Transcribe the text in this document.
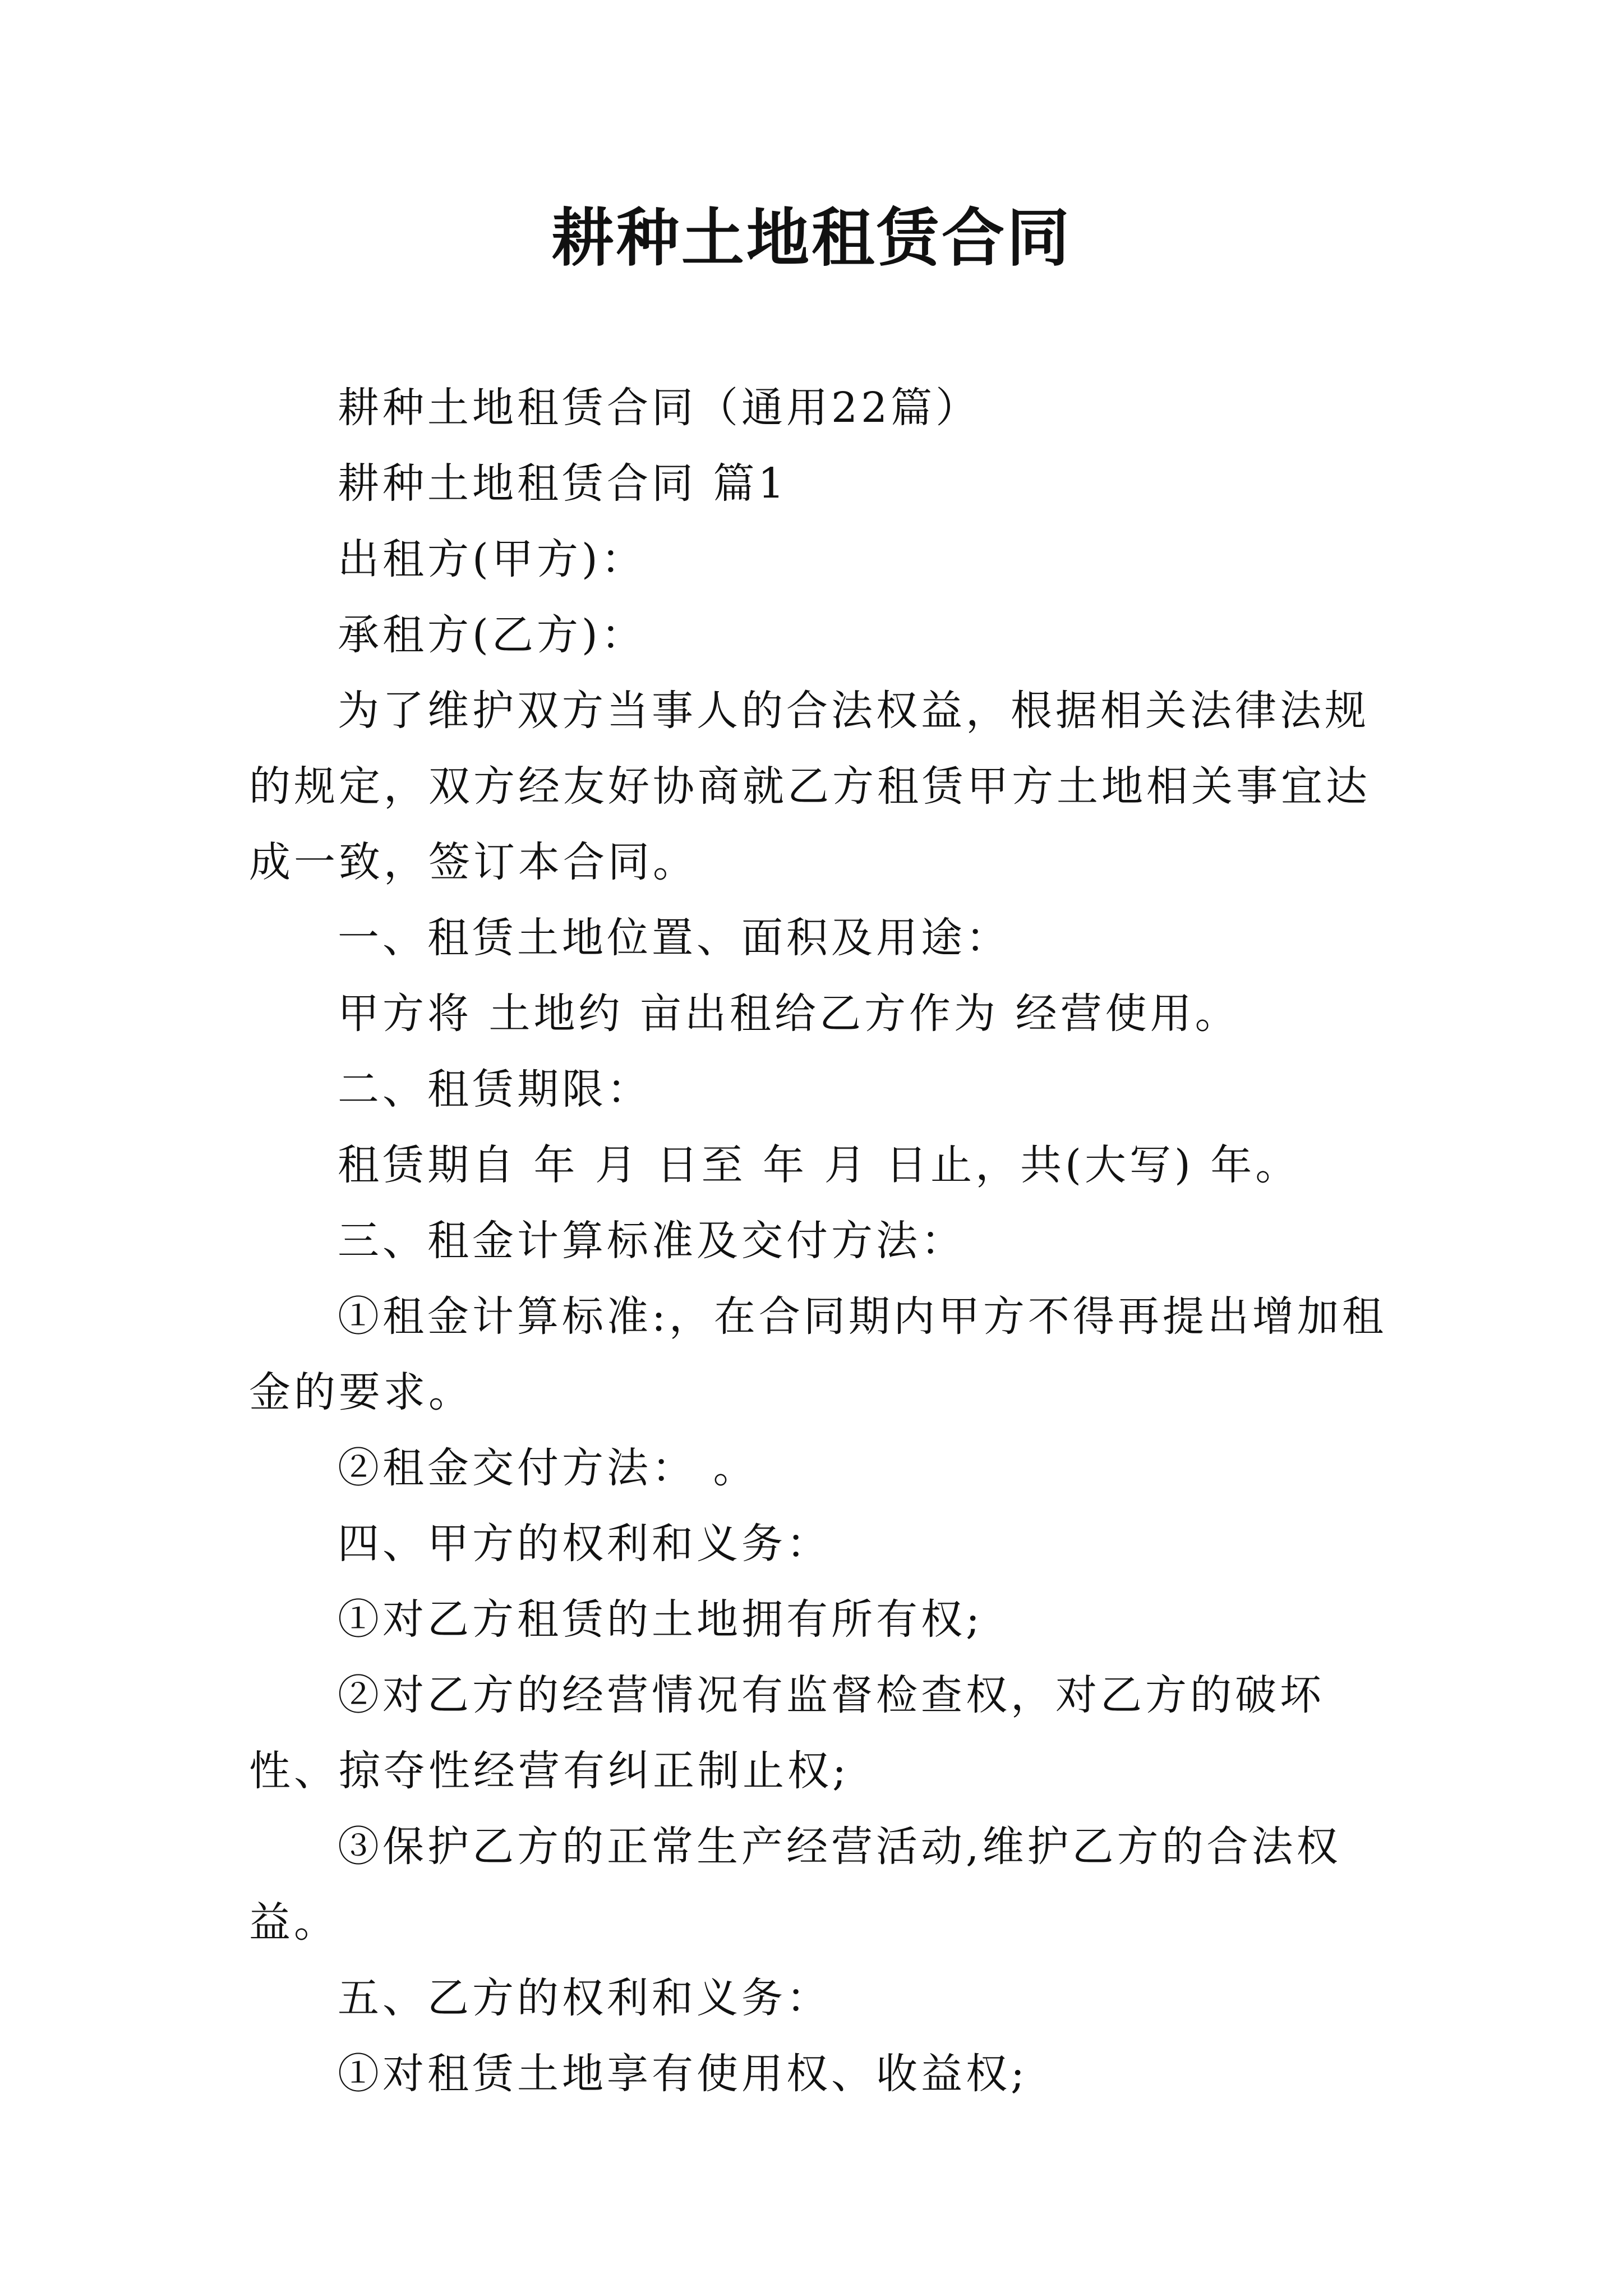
耕种土地租赁合同

耕种土地租赁合同（通用22篇）

耕种土地租赁合同 篇1

出租方(甲方)：

承租方(乙方)：

为了维护双方当事人的合法权益，根据相关法律法规的规定，双方经友好协商就乙方租赁甲方土地相关事宜达成一致，签订本合同。

一、租赁土地位置、面积及用途：

甲方将 土地约 亩出租给乙方作为 经营使用。

二、租赁期限：

租赁期自 年 月 日至 年 月 日止，共(大写) 年。

三、租金计算标准及交付方法：

①租金计算标准:，在合同期内甲方不得再提出增加租金的要求。

②租金交付方法： 。

四、甲方的权利和义务：

①对乙方租赁的土地拥有所有权;

②对乙方的经营情况有监督检查权，对乙方的破坏性、掠夺性经营有纠正制止权;

③保护乙方的正常生产经营活动,维护乙方的合法权益。

五、乙方的权利和义务：

①对租赁土地享有使用权、收益权;
